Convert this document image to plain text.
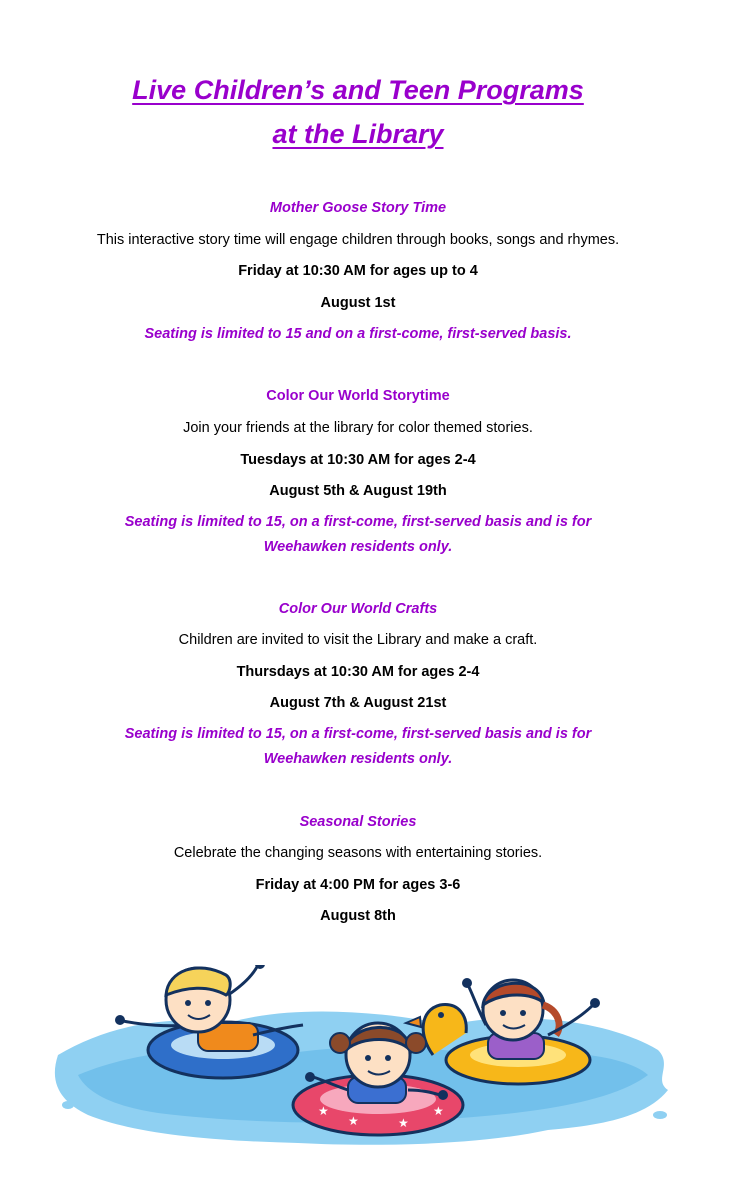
Live Children’s and Teen Programs
at the Library

Mother Goose Story Time

This interactive story time will engage children through books, songs and rhymes.

Friday at 10:30 AM for ages up to 4

August 1st

Seating is limited to 15 and on a first-come, first-served basis.

Color Our World Storytime

Join your friends at the library for color themed stories.

Tuesdays at 10:30 AM for ages 2-4

August 5th & August 19th

Seating is limited to 15, on a first-come, first-served basis and is for

Weehawken residents only.

Color Our World Crafts

Children are invited to visit the Library and make a craft.

Thursdays at 10:30 AM for ages 2-4

August 7th & August 21st

Seating is limited to 15, on a first-come, first-served basis and is for

Weehawken residents only.

Seasonal Stories

Celebrate the changing seasons with entertaining stories.

Friday at 4:00 PM for ages 3-6

August 8th

★
★	★
★
